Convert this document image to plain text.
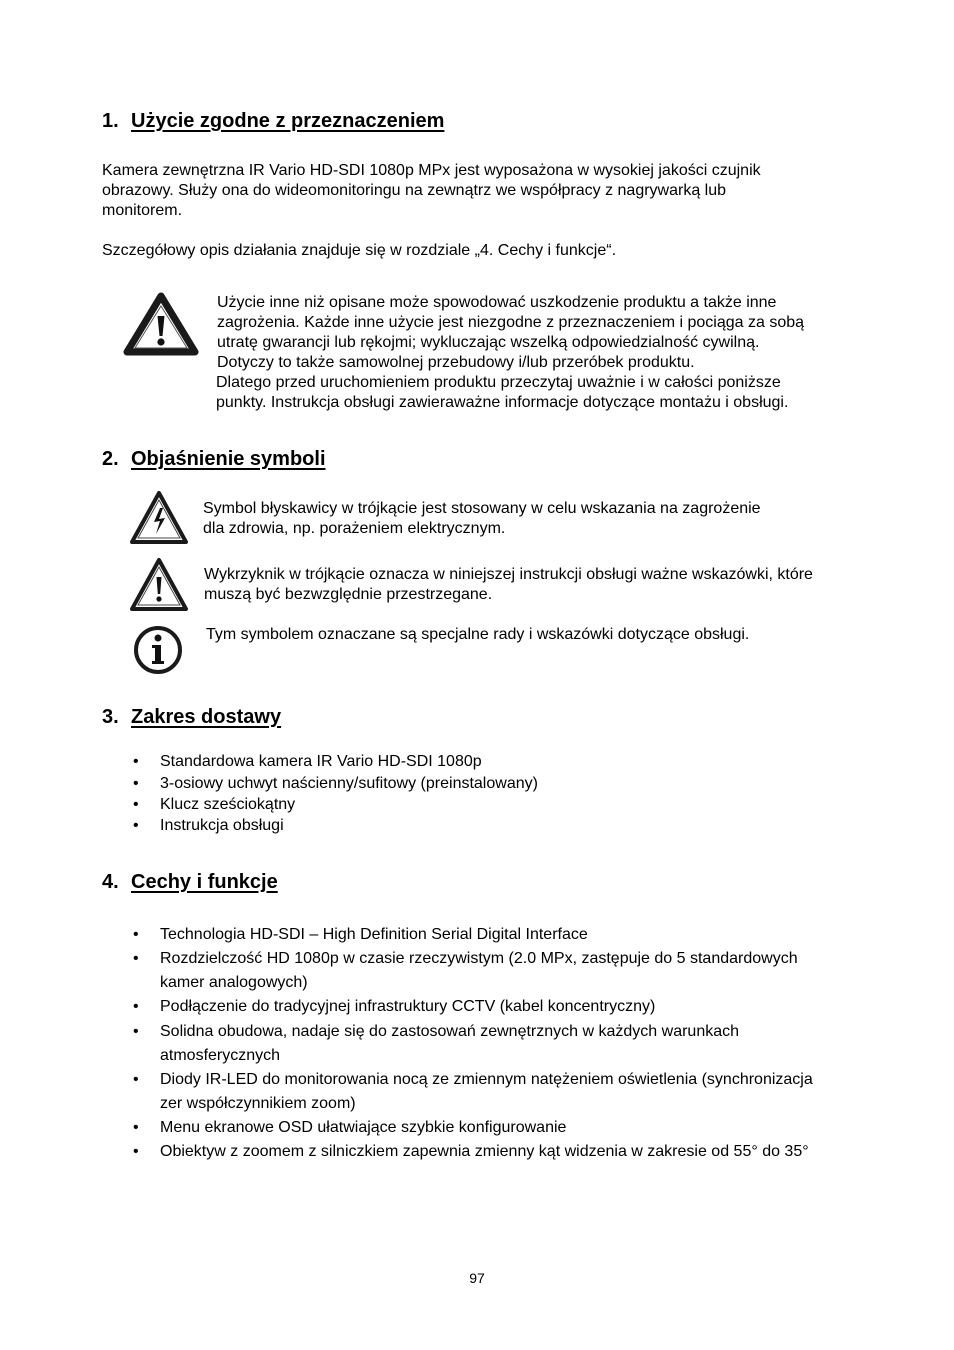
1. Użycie zgodne z przeznaczeniem
Kamera zewnętrzna IR Vario HD-SDI 1080p MPx jest wyposażona w wysokiej jakości czujnik
obrazowy. Służy ona do wideomonitoringu na zewnątrz we współpracy z nagrywarką lub
monitorem.
Szczegółowy opis działania znajduje się w rozdziale „4. Cechy i funkcje“.
Użycie inne niż opisane może spowodować uszkodzenie produktu a także inne
zagrożenia. Każde inne użycie jest niezgodne z przeznaczeniem i pociąga za sobą
utratę gwarancji lub rękojmi; wykluczając wszelką odpowiedzialność cywilną.
Dotyczy to także samowolnej przebudowy i/lub przeróbek produktu.
Dlatego przed uruchomieniem produktu przeczytaj uważnie i w całości poniższe
punkty. Instrukcja obsługi zawieraważne informacje dotyczące montażu i obsługi.
2. Objaśnienie symboli
Symbol błyskawicy w trójkącie jest stosowany w celu wskazania na zagrożenie
dla zdrowia, np. porażeniem elektrycznym.
Wykrzyknik w trójkącie oznacza w niniejszej instrukcji obsługi ważne wskazówki, które
muszą być bezwzględnie przestrzegane.
Tym symbolem oznaczane są specjalne rady i wskazówki dotyczące obsługi.
3. Zakres dostawy
• Standardowa kamera IR Vario HD-SDI 1080p
• 3-osiowy uchwyt naścienny/sufitowy (preinstalowany)
• Klucz sześciokątny
• Instrukcja obsługi
4. Cechy i funkcje
• Technologia HD-SDI – High Definition Serial Digital Interface
• Rozdzielczość HD 1080p w czasie rzeczywistym (2.0 MPx, zastępuje do 5 standardowych
kamer analogowych)
• Podłączenie do tradycyjnej infrastruktury CCTV (kabel koncentryczny)
• Solidna obudowa, nadaje się do zastosowań zewnętrznych w każdych warunkach
atmosferycznych
• Diody IR-LED do monitorowania nocą ze zmiennym natężeniem oświetlenia (synchronizacja
zer współczynnikiem zoom)
• Menu ekranowe OSD ułatwiające szybkie konfigurowanie
• Obiektyw z zoomem z silniczkiem zapewnia zmienny kąt widzenia w zakresie od 55° do 35°
97
